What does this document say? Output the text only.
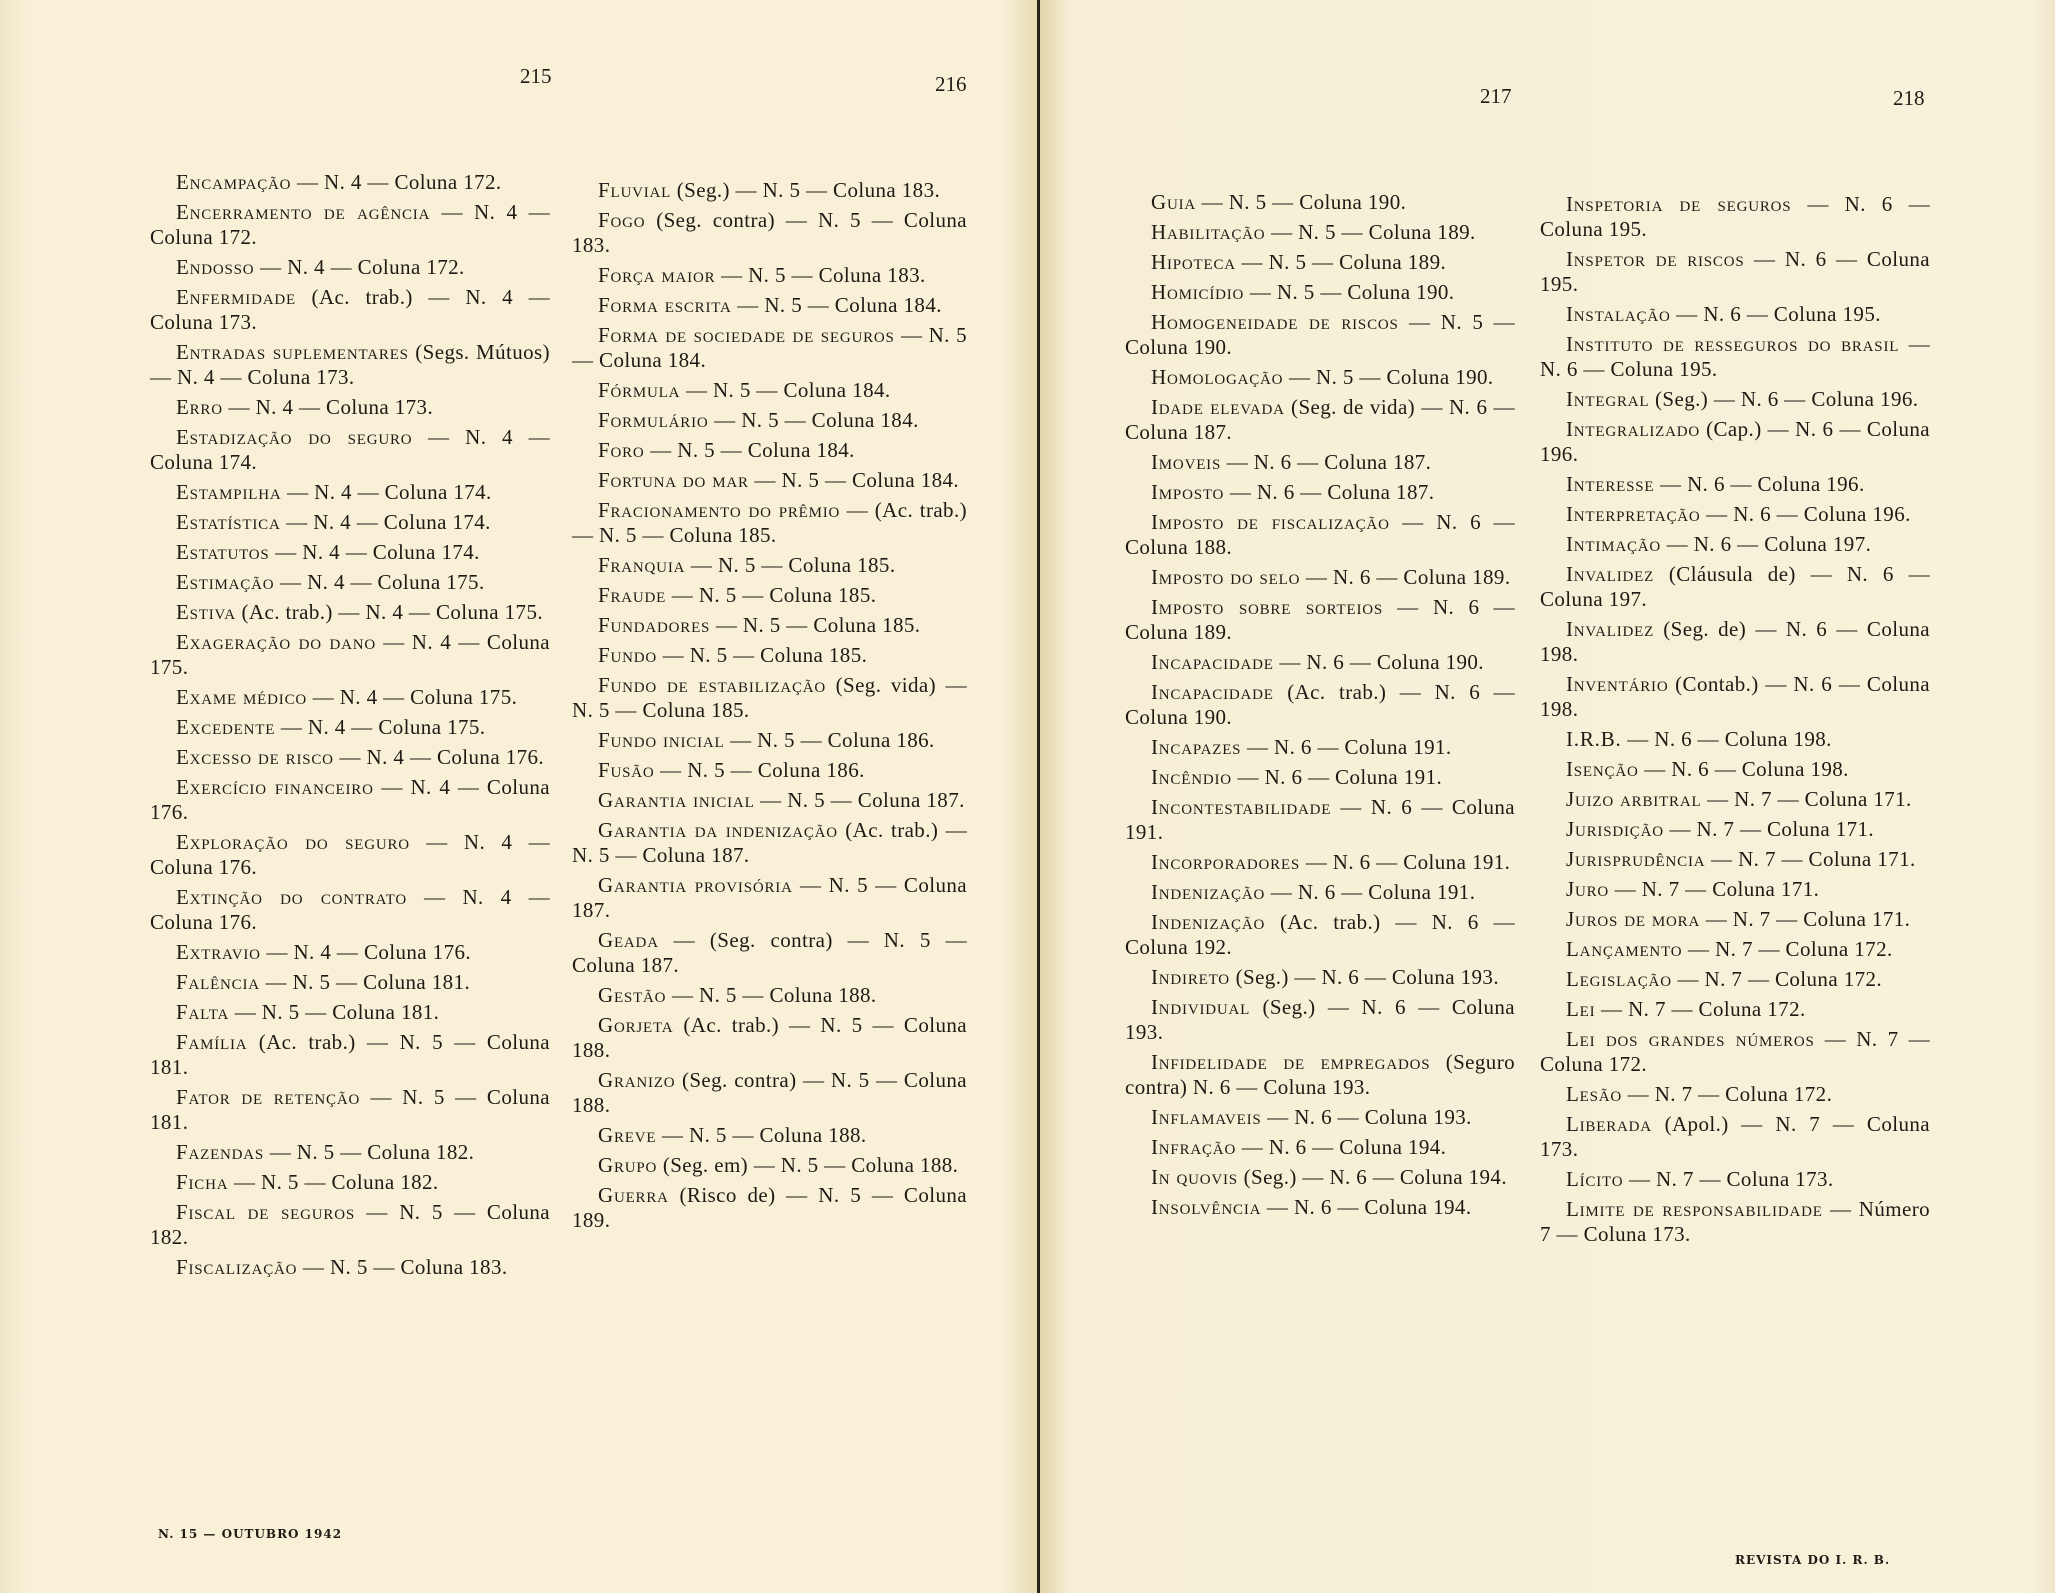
215	216
Encampação — N. 4 — Coluna 172.
Encerramento de agência — N. 4 — Coluna 172.
Endosso — N. 4 — Coluna 172.
Enfermidade (Ac. trab.) — N. 4 — Coluna 173.
Entradas suplementares (Segs. Mútuos) — N. 4 — Coluna 173.
Erro — N. 4 — Coluna 173.
Estadização do seguro — N. 4 — Coluna 174.
Estampilha — N. 4 — Coluna 174.
Estatística — N. 4 — Coluna 174.
Estatutos — N. 4 — Coluna 174.
Estimação — N. 4 — Coluna 175.
Estiva (Ac. trab.) — N. 4 — Coluna 175.
Exageração do dano — N. 4 — Coluna 175.
Exame médico — N. 4 — Coluna 175.
Excedente — N. 4 — Coluna 175.
Excesso de risco — N. 4 — Coluna 176.
Exercício financeiro — N. 4 — Coluna 176.
Exploração do seguro — N. 4 — Coluna 176.
Extinção do contrato — N. 4 — Coluna 176.
Extravio — N. 4 — Coluna 176.
Falência — N. 5 — Coluna 181.
Falta — N. 5 — Coluna 181.
Família (Ac. trab.) — N. 5 — Coluna 181.
Fator de retenção — N. 5 — Coluna 181.
Fazendas — N. 5 — Coluna 182.
Ficha — N. 5 — Coluna 182.
Fiscal de seguros — N. 5 — Coluna 182.
Fiscalização — N. 5 — Coluna 183.
Fluvial (Seg.) — N. 5 — Coluna 183.
Fogo (Seg. contra) — N. 5 — Coluna 183.
Força maior — N. 5 — Coluna 183.
Forma escrita — N. 5 — Coluna 184.
Forma de sociedade de seguros — N. 5 — Coluna 184.
Fórmula — N. 5 — Coluna 184.
Formulário — N. 5 — Coluna 184.
Foro — N. 5 — Coluna 184.
Fortuna do mar — N. 5 — Coluna 184.
Fracionamento do prêmio — (Ac. trab.) — N. 5 — Coluna 185.
Franquia — N. 5 — Coluna 185.
Fraude — N. 5 — Coluna 185.
Fundadores — N. 5 — Coluna 185.
Fundo — N. 5 — Coluna 185.
Fundo de estabilização (Seg. vida) — N. 5 — Coluna 185.
Fundo inicial — N. 5 — Coluna 186.
Fusão — N. 5 — Coluna 186.
Garantia inicial — N. 5 — Coluna 187.
Garantia da indenização (Ac. trab.) — N. 5 — Coluna 187.
Garantia provisória — N. 5 — Coluna 187.
Geada — (Seg. contra) — N. 5 — Coluna 187.
Gestão — N. 5 — Coluna 188.
Gorjeta (Ac. trab.) — N. 5 — Coluna 188.
Granizo (Seg. contra) — N. 5 — Coluna 188.
Greve — N. 5 — Coluna 188.
Grupo (Seg. em) — N. 5 — Coluna 188.
Guerra (Risco de) — N. 5 — Coluna 189.
N. 15 — OUTUBRO 1942
217	218
Guia — N. 5 — Coluna 190.
Habilitação — N. 5 — Coluna 189.
Hipoteca — N. 5 — Coluna 189.
Homicídio — N. 5 — Coluna 190.
Homogeneidade de riscos — N. 5 — Coluna 190.
Homologação — N. 5 — Coluna 190.
Idade elevada (Seg. de vida) — N. 6 — Coluna 187.
Imoveis — N. 6 — Coluna 187.
Imposto — N. 6 — Coluna 187.
Imposto de fiscalização — N. 6 — Coluna 188.
Imposto do selo — N. 6 — Coluna 189.
Imposto sobre sorteios — N. 6 — Coluna 189.
Incapacidade — N. 6 — Coluna 190.
Incapacidade (Ac. trab.) — N. 6 — Coluna 190.
Incapazes — N. 6 — Coluna 191.
Incêndio — N. 6 — Coluna 191.
Incontestabilidade — N. 6 — Coluna 191.
Incorporadores — N. 6 — Coluna 191.
Indenização — N. 6 — Coluna 191.
Indenização (Ac. trab.) — N. 6 — Coluna 192.
Indireto (Seg.) — N. 6 — Coluna 193.
Individual (Seg.) — N. 6 — Coluna 193.
Infidelidade de empregados (Seguro contra) N. 6 — Coluna 193.
Inflamaveis — N. 6 — Coluna 193.
Infração — N. 6 — Coluna 194.
In quovis (Seg.) — N. 6 — Coluna 194.
Insolvência — N. 6 — Coluna 194.
Inspetoria de seguros — N. 6 — Coluna 195.
Inspetor de riscos — N. 6 — Coluna 195.
Instalação — N. 6 — Coluna 195.
Instituto de resseguros do brasil — N. 6 — Coluna 195.
Integral (Seg.) — N. 6 — Coluna 196.
Integralizado (Cap.) — N. 6 — Coluna 196.
Interesse — N. 6 — Coluna 196.
Interpretação — N. 6 — Coluna 196.
Intimação — N. 6 — Coluna 197.
Invalidez (Cláusula de) — N. 6 — Coluna 197.
Invalidez (Seg. de) — N. 6 — Coluna 198.
Inventário (Contab.) — N. 6 — Coluna 198.
I.R.B. — N. 6 — Coluna 198.
Isenção — N. 6 — Coluna 198.
Juizo arbitral — N. 7 — Coluna 171.
Jurisdição — N. 7 — Coluna 171.
Jurisprudência — N. 7 — Coluna 171.
Juro — N. 7 — Coluna 171.
Juros de mora — N. 7 — Coluna 171.
Lançamento — N. 7 — Coluna 172.
Legislação — N. 7 — Coluna 172.
Lei — N. 7 — Coluna 172.
Lei dos grandes números — N. 7 — Coluna 172.
Lesão — N. 7 — Coluna 172.
Liberada (Apol.) — N. 7 — Coluna 173.
Lícito — N. 7 — Coluna 173.
Limite de responsabilidade — Número 7 — Coluna 173.
REVISTA DO I. R. B.
